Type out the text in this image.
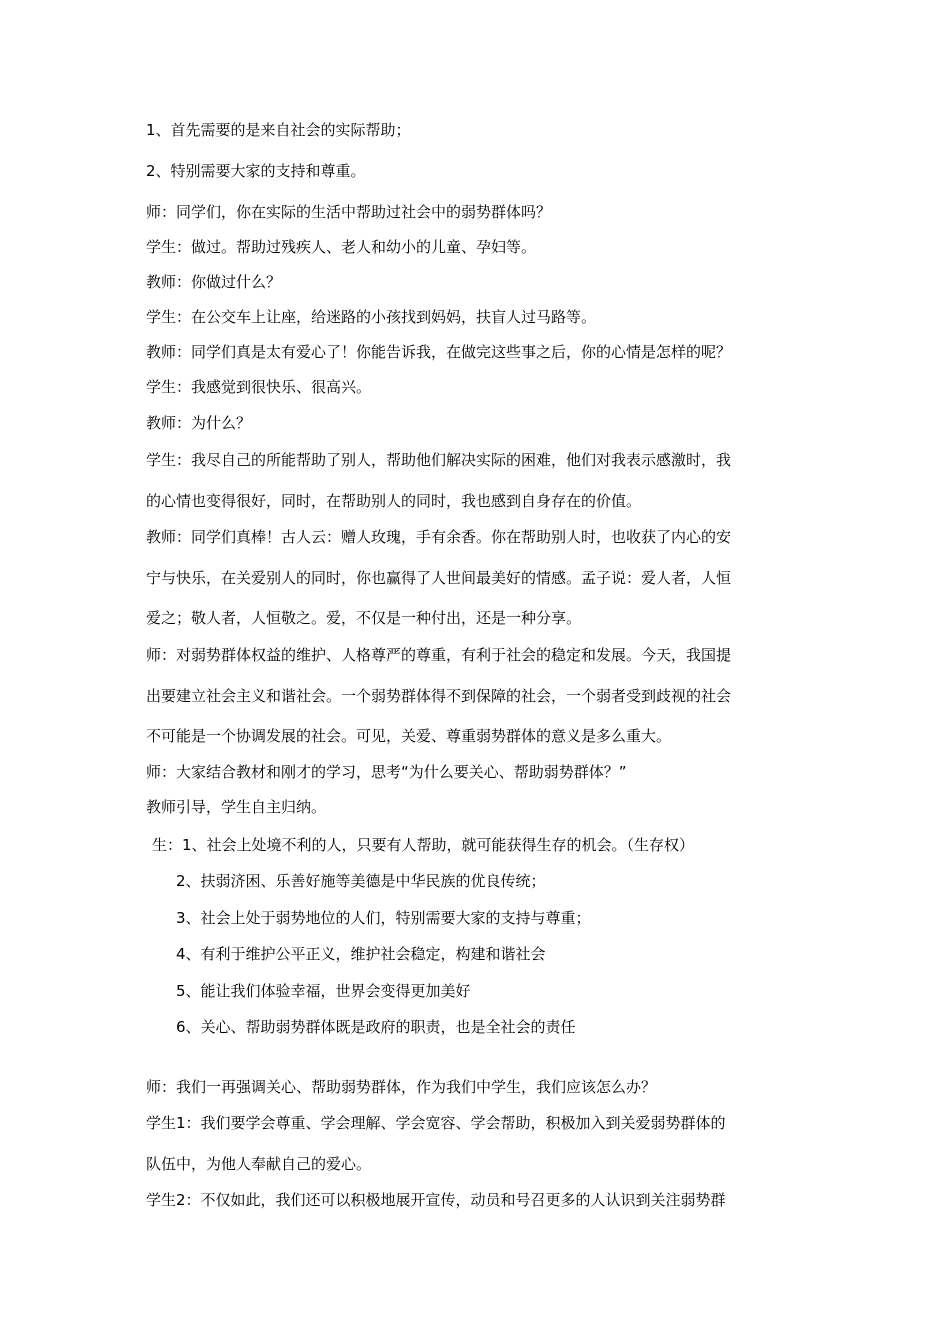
1、首先需要的是来自社会的实际帮助；
2、特别需要大家的支持和尊重。
师：同学们，你在实际的生活中帮助过社会中的弱势群体吗？
学生：做过。帮助过残疾人、老人和幼小的儿童、孕妇等。
教师：你做过什么？
学生：在公交车上让座，给迷路的小孩找到妈妈，扶盲人过马路等。
教师：同学们真是太有爱心了！你能告诉我，在做完这些事之后，你的心情是怎样的呢？
学生：我感觉到很快乐、很高兴。
教师：为什么？
学生：我尽自己的所能帮助了别人，帮助他们解决实际的困难，他们对我表示感激时，我
的心情也变得很好，同时，在帮助别人的同时，我也感到自身存在的价值。
教师：同学们真棒！古人云：赠人玫瑰，手有余香。你在帮助别人时，也收获了内心的安
宁与快乐，在关爱别人的同时，你也赢得了人世间最美好的情感。孟子说：爱人者，人恒
爱之；敬人者，人恒敬之。爱，不仅是一种付出，还是一种分享。
师：对弱势群体权益的维护、人格尊严的尊重，有利于社会的稳定和发展。今天，我国提
出要建立社会主义和谐社会。一个弱势群体得不到保障的社会，一个弱者受到歧视的社会
不可能是一个协调发展的社会。可见，关爱、尊重弱势群体的意义是多么重大。
师：大家结合教材和刚才的学习，思考“为什么要关心、帮助弱势群体？”
教师引导，学生自主归纳。
生：1、社会上处境不利的人，只要有人帮助，就可能获得生存的机会。（生存权）
2、扶弱济困、乐善好施等美德是中华民族的优良传统；
3、社会上处于弱势地位的人们，特别需要大家的支持与尊重；
4、有利于维护公平正义，维护社会稳定，构建和谐社会
5、能让我们体验幸福，世界会变得更加美好
6、关心、帮助弱势群体既是政府的职责，也是全社会的责任
师：我们一再强调关心、帮助弱势群体，作为我们中学生，我们应该怎么办？
学生1：我们要学会尊重、学会理解、学会宽容、学会帮助，积极加入到关爱弱势群体的
队伍中，为他人奉献自己的爱心。
学生2：不仅如此，我们还可以积极地展开宣传，动员和号召更多的人认识到关注弱势群
